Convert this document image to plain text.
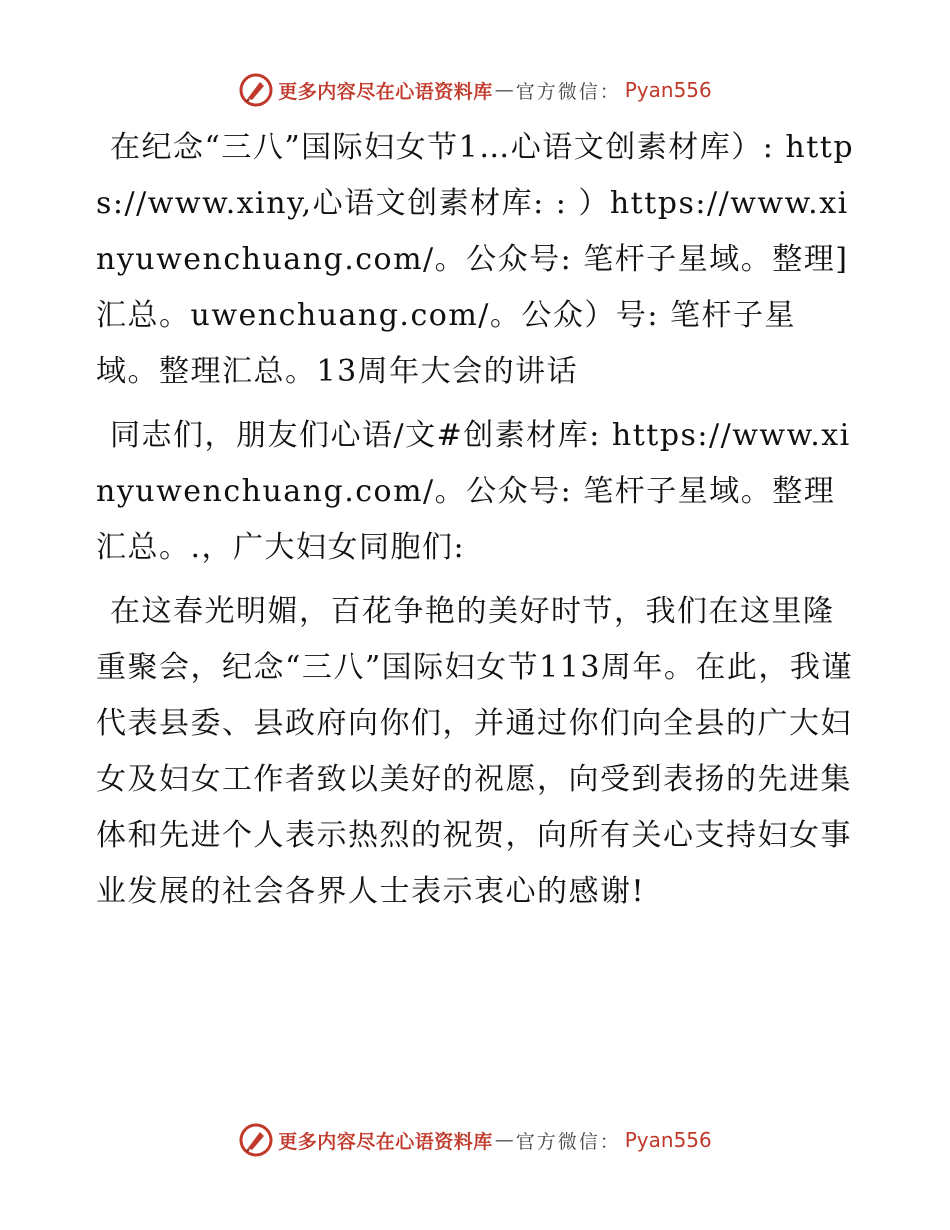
更多内容尽在心语资料库 — 官方微信： Pyan556

在纪念“三八”国际妇女节1…心语文创素材库）: https://www.xiny,心语文创素材库: : ）https://www.xinyuwenchuang.com/。公众号: 笔杆子星域。整理]汇总。uwenchuang.com/。公众）号: 笔杆子星域。整理汇总。13周年大会的讲话

同志们，朋友们心语/文#创素材库: https://www.xinyuwenchuang.com/。公众号: 笔杆子星域。整理汇总。.，广大妇女同胞们:

在这春光明媚，百花争艳的美好时节，我们在这里隆重聚会，纪念“三八”国际妇女节113周年。在此，我谨代表县委、县政府向你们，并通过你们向全县的广大妇女及妇女工作者致以美好的祝愿，向受到表扬的先进集体和先进个人表示热烈的祝贺，向所有关心支持妇女事业发展的社会各界人士表示衷心的感谢!

更多内容尽在心语资料库 — 官方微信： Pyan556
